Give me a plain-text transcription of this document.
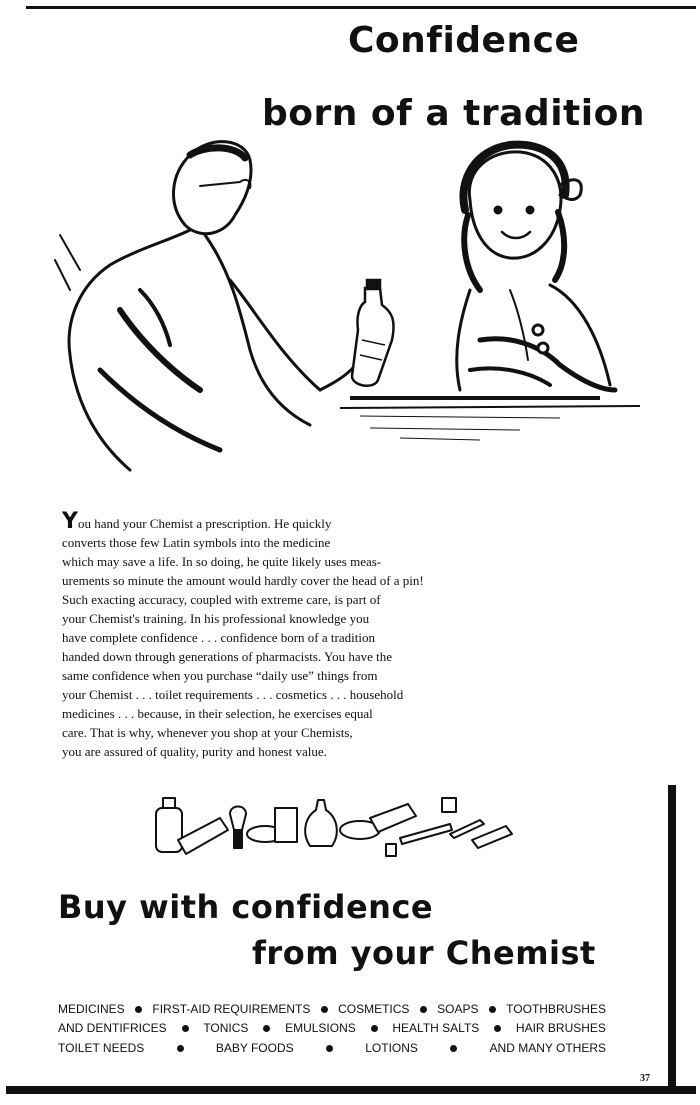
Confidence
born of a tradition
You hand your Chemist a prescription. He quickly
converts those few Latin symbols into the medicine
which may save a life. In so doing, he quite likely uses meas-
urements so minute the amount would hardly cover the head of a pin!
Such exacting accuracy, coupled with extreme care, is part of
your Chemist's training. In his professional knowledge you
have complete confidence . . . confidence born of a tradition
handed down through generations of pharmacists. You have the
same confidence when you purchase “daily use” things from
your Chemist . . . toilet requirements . . . cosmetics . . . household
medicines . . . because, in their selection, he exercises equal
care. That is why, whenever you shop at your Chemists,
you are assured of quality, purity and honest value.
Buy with confidence
from your Chemist
MEDICINES FIRST-AID REQUIREMENTS COSMETICS SOAPS TOOTHBRUSHES
AND DENTIFRICES	TONICS	EMULSIONS	HEALTH SALTS	HAIR BRUSHES
TOILET NEEDS	BABY FOODS	LOTIONS	AND MANY OTHERS
37
